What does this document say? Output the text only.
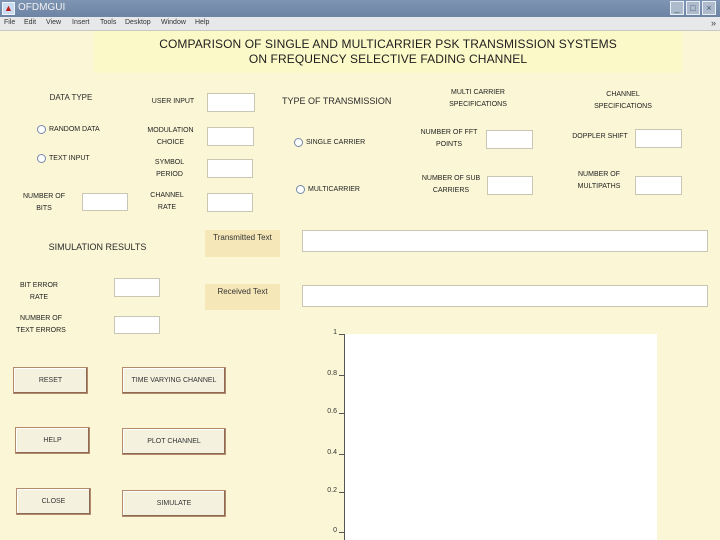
▲ OFDMGUI	_	□	×
File Edit View Insert Tools Desktop Window Help	»
COMPARISON OF SINGLE AND MULTICARRIER PSK TRANSMISSION SYSTEMS
ON FREQUENCY SELECTIVE FADING CHANNEL
DATA TYPE
RANDOM DATA
TEXT INPUT
NUMBER OF BITS
USER INPUT
MODULATION CHOICE
SYMBOL PERIOD
CHANNEL RATE
TYPE OF TRANSMISSION
SINGLE CARRIER
MULTICARRIER
MULTI CARRIER SPECIFICATIONS
NUMBER OF FFT POINTS
NUMBER OF SUB CARRIERS
CHANNEL SPECIFICATIONS
DOPPLER SHIFT
NUMBER OF MULTIPATHS
SIMULATION RESULTS
BIT ERROR RATE
NUMBER OF TEXT ERRORS
Transmitted Text
Received Text
RESET	TIME VARYING CHANNEL
HELP	PLOT CHANNEL
CLOSE	SIMULATE
1
0.8
0.6
0.4
0.2
0
